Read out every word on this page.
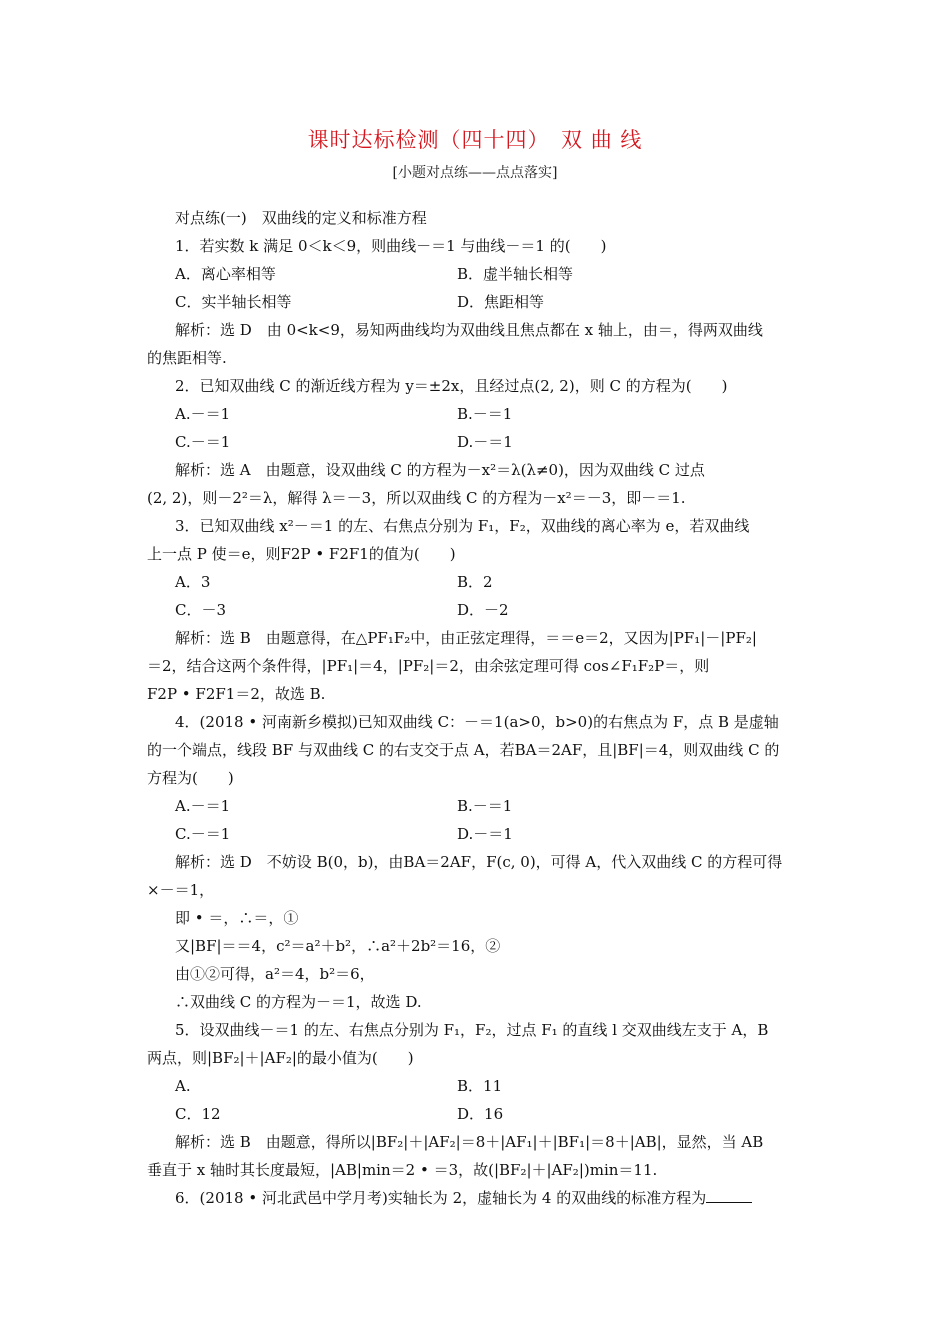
课时达标检测（四十四）　双 曲 线
[小题对点练——点点落实]
对点练(一)　双曲线的定义和标准方程
1．若实数 k 满足 0＜k＜9，则曲线－＝1 与曲线－＝1 的(　　)
解析：选 D　由 0<k<9，易知两曲线均为双曲线且焦点都在 x 轴上，由＝，得两双曲线
的焦距相等.
2．已知双曲线 C 的渐近线方程为 y＝±2x，且经过点(2, 2)，则 C 的方程为(　　)
解析：选 A　由题意，设双曲线 C 的方程为－x²＝λ(λ≠0)，因为双曲线 C 过点
(2, 2)，则－2²＝λ，解得 λ＝－3，所以双曲线 C 的方程为－x²＝－3，即－＝1.
3．已知双曲线 x²－＝1 的左、右焦点分别为 F₁，F₂，双曲线的离心率为 e，若双曲线
上一点 P 使＝e，则F2P • F2F1的值为(　　)
解析：选 B　由题意得，在△PF₁F₂中，由正弦定理得，＝＝e＝2，又因为|PF₁|－|PF₂|
＝2，结合这两个条件得，|PF₁|＝4，|PF₂|＝2，由余弦定理可得 cos∠F₁F₂P＝，则
F2P • F2F1＝2，故选 B.
4．(2018 • 河南新乡模拟)已知双曲线 C：－＝1(a>0，b>0)的右焦点为 F，点 B 是虚轴
的一个端点，线段 BF 与双曲线 C 的右支交于点 A，若BA＝2AF，且|BF|＝4，则双曲线 C 的
方程为(　　)
解析：选 D　不妨设 B(0，b)，由BA＝2AF，F(c, 0)，可得 A，代入双曲线 C 的方程可得
×－＝1，
即 • ＝，∴＝，①
又|BF|＝＝4，c²＝a²＋b²，∴a²＋2b²＝16，②
由①②可得，a²＝4，b²＝6，
∴双曲线 C 的方程为－＝1，故选 D.
5．设双曲线－＝1 的左、右焦点分别为 F₁，F₂，过点 F₁ 的直线 l 交双曲线左支于 A，B
两点，则|BF₂|＋|AF₂|的最小值为(　　)
解析：选 B　由题意，得所以|BF₂|＋|AF₂|＝8＋|AF₁|＋|BF₁|＝8＋|AB|，显然，当 AB
垂直于 x 轴时其长度最短，|AB|min＝2 • ＝3，故(|BF₂|＋|AF₂|)min＝11.
6．(2018 • 河北武邑中学月考)实轴长为 2，虚轴长为 4 的双曲线的标准方程为
A．离心率相等	B．虚半轴长相等
C．实半轴长相等	D．焦距相等
A.－＝1	B.－＝1
C.－＝1	D.－＝1
A．3	B．2
C．－3	D．－2
A.－＝1	B.－＝1
C.－＝1	D.－＝1
A.	B．11
C．12	D．16
